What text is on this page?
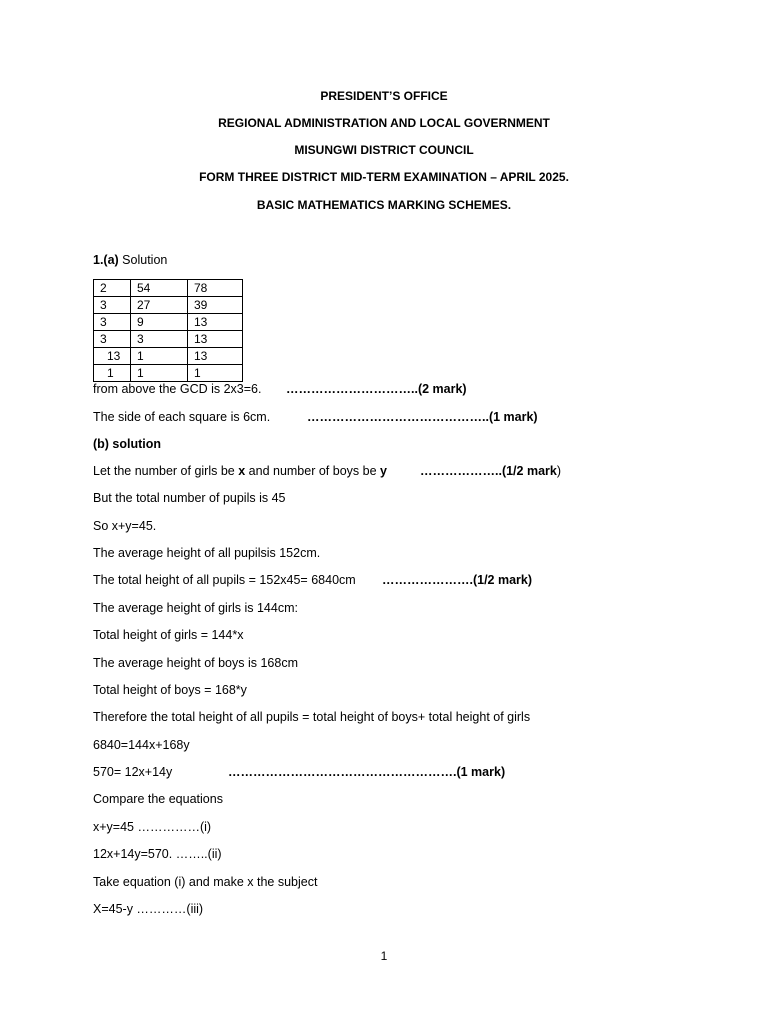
PRESIDENT’S OFFICE
REGIONAL ADMINISTRATION AND LOCAL GOVERNMENT
MISUNGWI DISTRICT COUNCIL
FORM THREE DISTRICT MID-TERM EXAMINATION – APRIL 2025.
BASIC MATHEMATICS MARKING SCHEMES.
1.(a) Solution
2	54	78
3	27	39
3	9	13
3	3	13
13	1	13
1	1	1
from above the GCD is 2x3=6. …………………………..(2 mark)
The side of each square is 6cm.	……………………………………..(1 mark)
(b) solution
Let the number of girls be x and number of boys be y	………………..(1/2 mark)
But the total number of pupils is 45
So x+y=45.
The average height of all pupilsis 152cm.
The total height of all pupils = 152x45= 6840cm ………………….(1/2 mark)
The average height of girls is 144cm:
Total height of girls = 144*x
The average height of boys is 168cm
Total height of boys = 168*y
Therefore the total height of all pupils = total height of boys+ total height of girls
6840=144x+168y
570= 12x+14y	……………………………………………….(1 mark)
Compare the equations
x+y=45 ……………(i)
12x+14y=570. ……..(ii)
Take equation (i) and make x the subject
X=45-y …………(iii)
1
